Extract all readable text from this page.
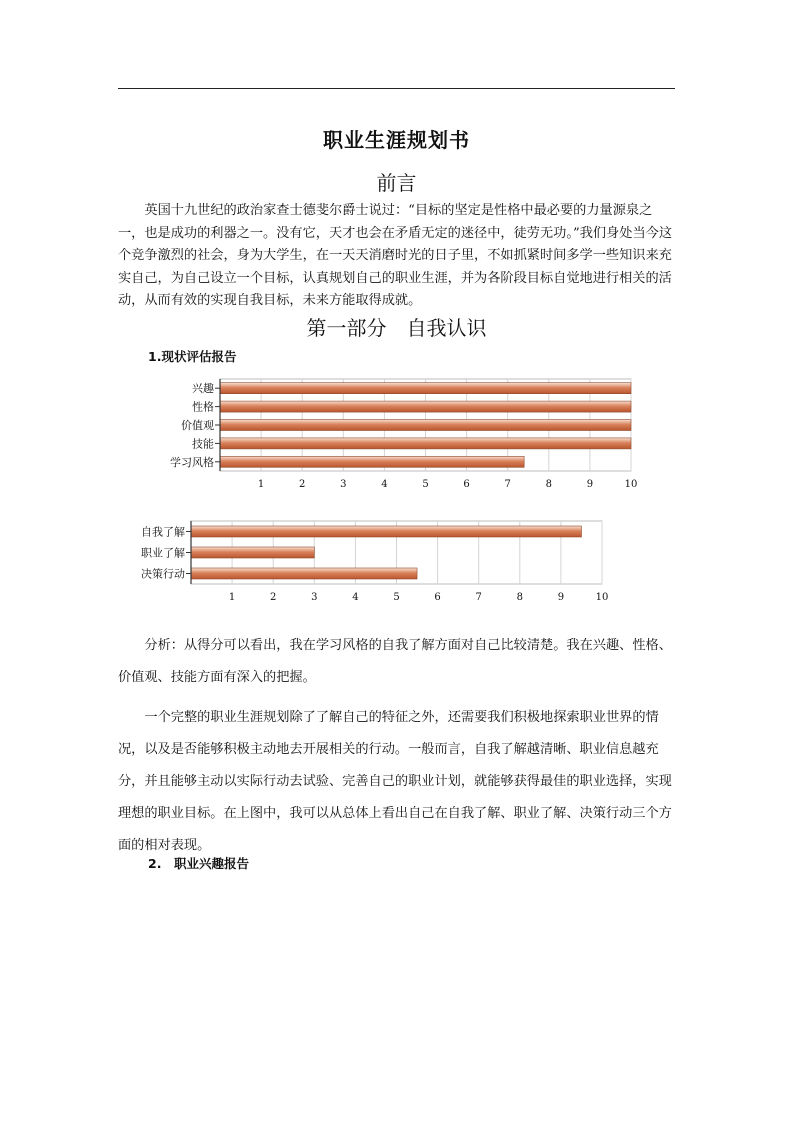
职业生涯规划书
前言
英国十九世纪的政治家查士德斐尔爵士说过：“目标的坚定是性格中最必要的力量源泉之一，也是成功的利器之一。没有它，天才也会在矛盾无定的迷径中，徒劳无功。”我们身处当今这个竞争激烈的社会，身为大学生，在一天天消磨时光的日子里，不如抓紧时间多学一些知识来充实自己，为自己设立一个目标，认真规划自己的职业生涯，并为各阶段目标自觉地进行相关的活动，从而有效的实现自我目标，未来方能取得成就。
第一部分　自我认识
1.现状评估报告
兴趣
性格
价值观
技能
学习风格
1	2	3	4	5	6	7	8	9	10
自我了解
职业了解
决策行动
1	2	3	4	5	6	7	8	9	10
分析：从得分可以看出，我在学习风格的自我了解方面对自己比较清楚。我在兴趣、性格、价值观、技能方面有深入的把握。
一个完整的职业生涯规划除了了解自己的特征之外，还需要我们积极地探索职业世界的情况，以及是否能够积极主动地去开展相关的行动。一般而言，自我了解越清晰、职业信息越充分，并且能够主动以实际行动去试验、完善自己的职业计划，就能够获得最佳的职业选择，实现理想的职业目标。在上图中，我可以从总体上看出自己在自我了解、职业了解、决策行动三个方面的相对表现。
2.　职业兴趣报告
